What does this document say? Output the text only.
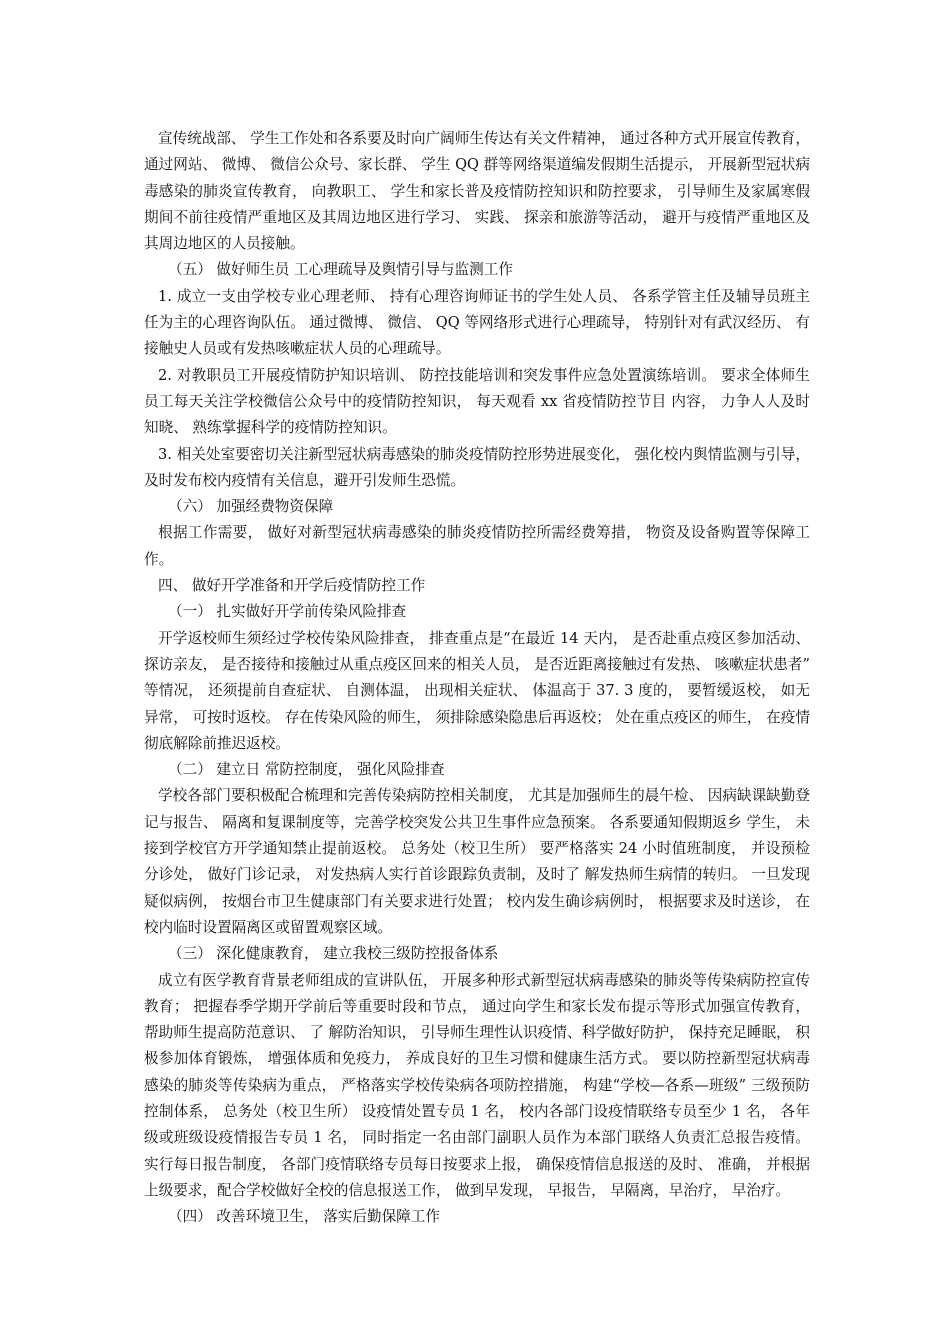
宣传统战部、 学生工作处和各系要及时向广阔师生传达有关文件精神， 通过各种方式开展宣传教育， 通过网站、 微博、 微信公众号、家长群、 学生 QQ 群等网络渠道编发假期生活提示， 开展新型冠状病毒感染的肺炎宣传教育， 向教职工、 学生和家长普及疫情防控知识和防控要求， 引导师生及家属寒假期间不前往疫情严重地区及其周边地区进行学习、 实践、 探亲和旅游等活动， 避开与疫情严重地区及其周边地区的人员接触。

（五） 做好师生员 工心理疏导及舆情引导与监测工作

1. 成立一支由学校专业心理老师、 持有心理咨询师证书的学生处人员、 各系学管主任及辅导员班主任为主的心理咨询队伍。 通过微博、 微信、 QQ 等网络形式进行心理疏导， 特别针对有武汉经历、 有接触史人员或有发热咳嗽症状人员的心理疏导。

2. 对教职员工开展疫情防护知识培训、 防控技能培训和突发事件应急处置演练培训。 要求全体师生员工每天关注学校微信公众号中的疫情防控知识， 每天观看 xx 省疫情防控节目 内容， 力争人人及时知晓、 熟练掌握科学的疫情防控知识。

3. 相关处室要密切关注新型冠状病毒感染的肺炎疫情防控形势进展变化， 强化校内舆情监测与引导， 及时发布校内疫情有关信息，避开引发师生恐慌。

（六） 加强经费物资保障

根据工作需要， 做好对新型冠状病毒感染的肺炎疫情防控所需经费筹措， 物资及设备购置等保障工作。

四、 做好开学准备和开学后疫情防控工作

（一） 扎实做好开学前传染风险排查

开学返校师生须经过学校传染风险排查， 排查重点是“在最近 14 天内， 是否赴重点疫区参加活动、 探访亲友， 是否接待和接触过从重点疫区回来的相关人员， 是否近距离接触过有发热、 咳嗽症状患者” 等情况， 还须提前自查症状、 自测体温， 出现相关症状、 体温高于 37. 3 度的， 要暂缓返校， 如无异常， 可按时返校。 存在传染风险的师生， 须排除感染隐患后再返校； 处在重点疫区的师生， 在疫情彻底解除前推迟返校。

（二） 建立日 常防控制度， 强化风险排查

学校各部门要积极配合梳理和完善传染病防控相关制度， 尤其是加强师生的晨午检、 因病缺课缺勤登记与报告、 隔离和复课制度等，完善学校突发公共卫生事件应急预案。 各系要通知假期返乡 学生， 未接到学校官方开学通知禁止提前返校。 总务处（校卫生所） 要严格落实 24 小时值班制度， 并设预检分诊处， 做好门诊记录， 对发热病人实行首诊跟踪负责制，及时了 解发热师生病情的转归。 一旦发现疑似病例， 按烟台市卫生健康部门有关要求进行处置； 校内发生确诊病例时， 根据要求及时送诊， 在校内临时设置隔离区或留置观察区域。

（三） 深化健康教育， 建立我校三级防控报备体系

成立有医学教育背景老师组成的宣讲队伍， 开展多种形式新型冠状病毒感染的肺炎等传染病防控宣传教育； 把握春季学期开学前后等重要时段和节点， 通过向学生和家长发布提示等形式加强宣传教育， 帮助师生提高防范意识、 了 解防治知识， 引导师生理性认识疫情、科学做好防护， 保持充足睡眠， 积极参加体育锻炼， 增强体质和免疫力， 养成良好的卫生习惯和健康生活方式。 要以防控新型冠状病毒感染的肺炎等传染病为重点， 严格落实学校传染病各项防控措施， 构建“学校—各系—班级” 三级预防控制体系， 总务处（校卫生所） 设疫情处置专员 1 名， 校内各部门设疫情联络专员至少 1 名， 各年级或班级设疫情报告专员 1 名， 同时指定一名由部门副职人员作为本部门联络人负责汇总报告疫情。 实行每日报告制度， 各部门疫情联络专员每日按要求上报， 确保疫情信息报送的及时、 准确， 并根据上级要求，配合学校做好全校的信息报送工作， 做到早发现， 早报告， 早隔离，早治疗， 早治疗。

（四） 改善环境卫生， 落实后勤保障工作
